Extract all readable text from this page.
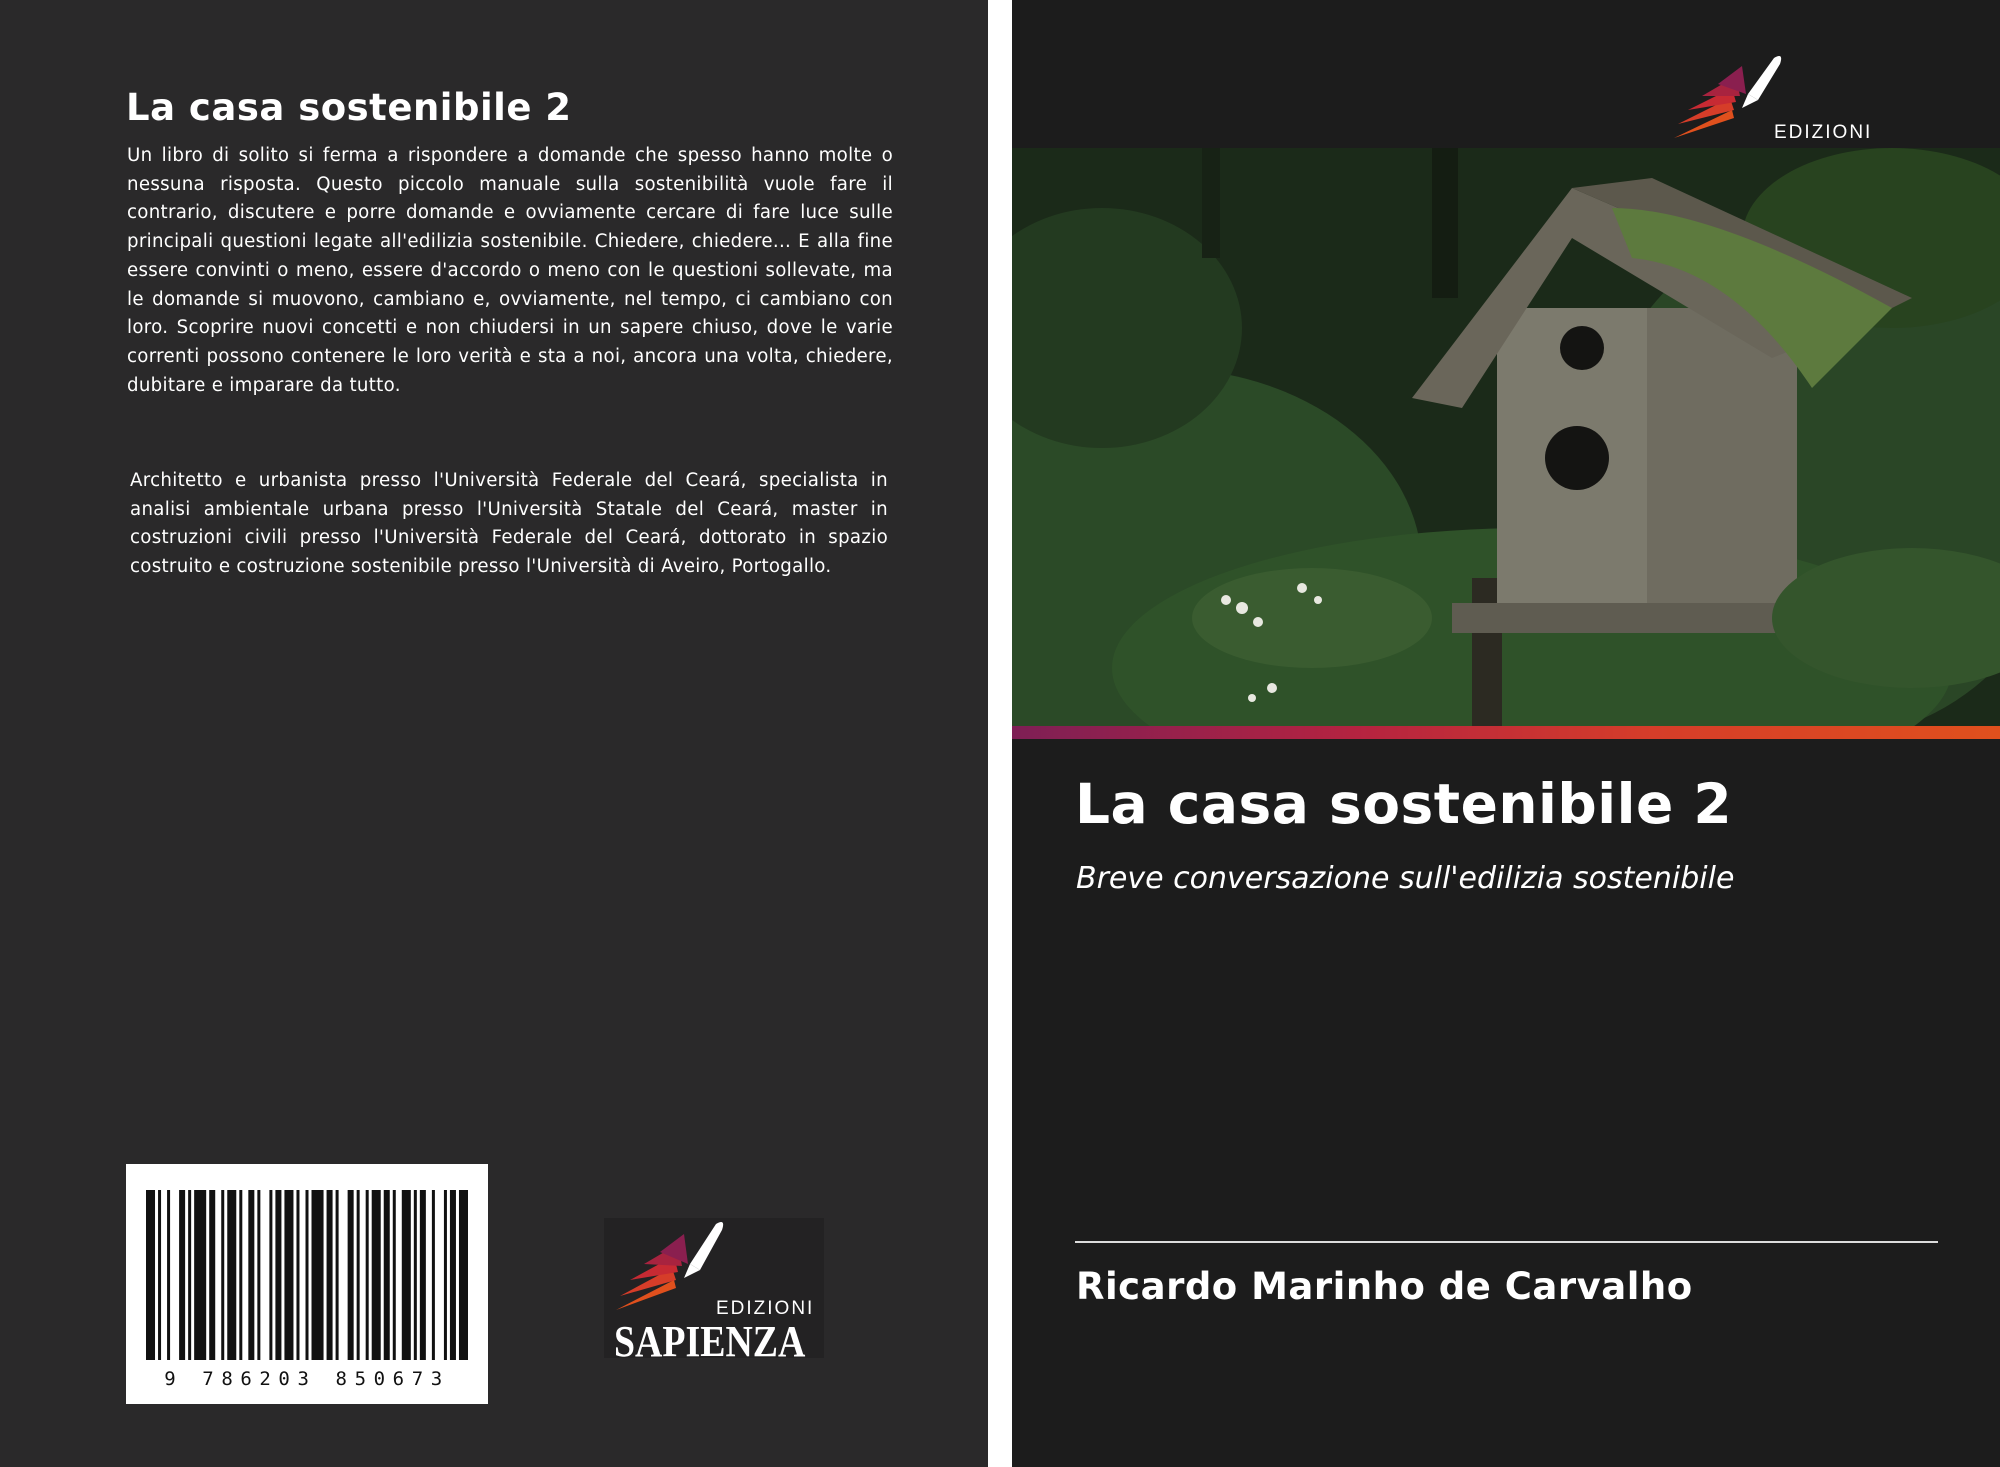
La casa sostenibile 2

Un libro di solito si ferma a rispondere a domande che spesso hanno molte o nessuna risposta. Questo piccolo manuale sulla sostenibilità vuole fare il contrario, discutere e porre domande e ovviamente cercare di fare luce sulle principali questioni legate all'edilizia sostenibile. Chiedere, chiedere... E alla fine essere convinti o meno, essere d'accordo o meno con le questioni sollevate, ma le domande si muovono, cambiano e, ovviamente, nel tempo, ci cambiano con loro. Scoprire nuovi concetti e non chiudersi in un sapere chiuso, dove le varie correnti possono contenere le loro verità e sta a noi, ancora una volta, chiedere, dubitare e imparare da tutto.

Architetto e urbanista presso l'Università Federale del Ceará, specialista in analisi ambientale urbana presso l'Università Statale del Ceará, master in costruzioni civili presso l'Università Federale del Ceará, dottorato in spazio costruito e costruzione sostenibile presso l'Università di Aveiro, Portogallo.

9 786203 850673
EDIZIONI
SAPIENZA
EDIZIONI
La casa sostenibile 2
Breve conversazione sull'edilizia sostenibile
Ricardo Marinho de Carvalho
